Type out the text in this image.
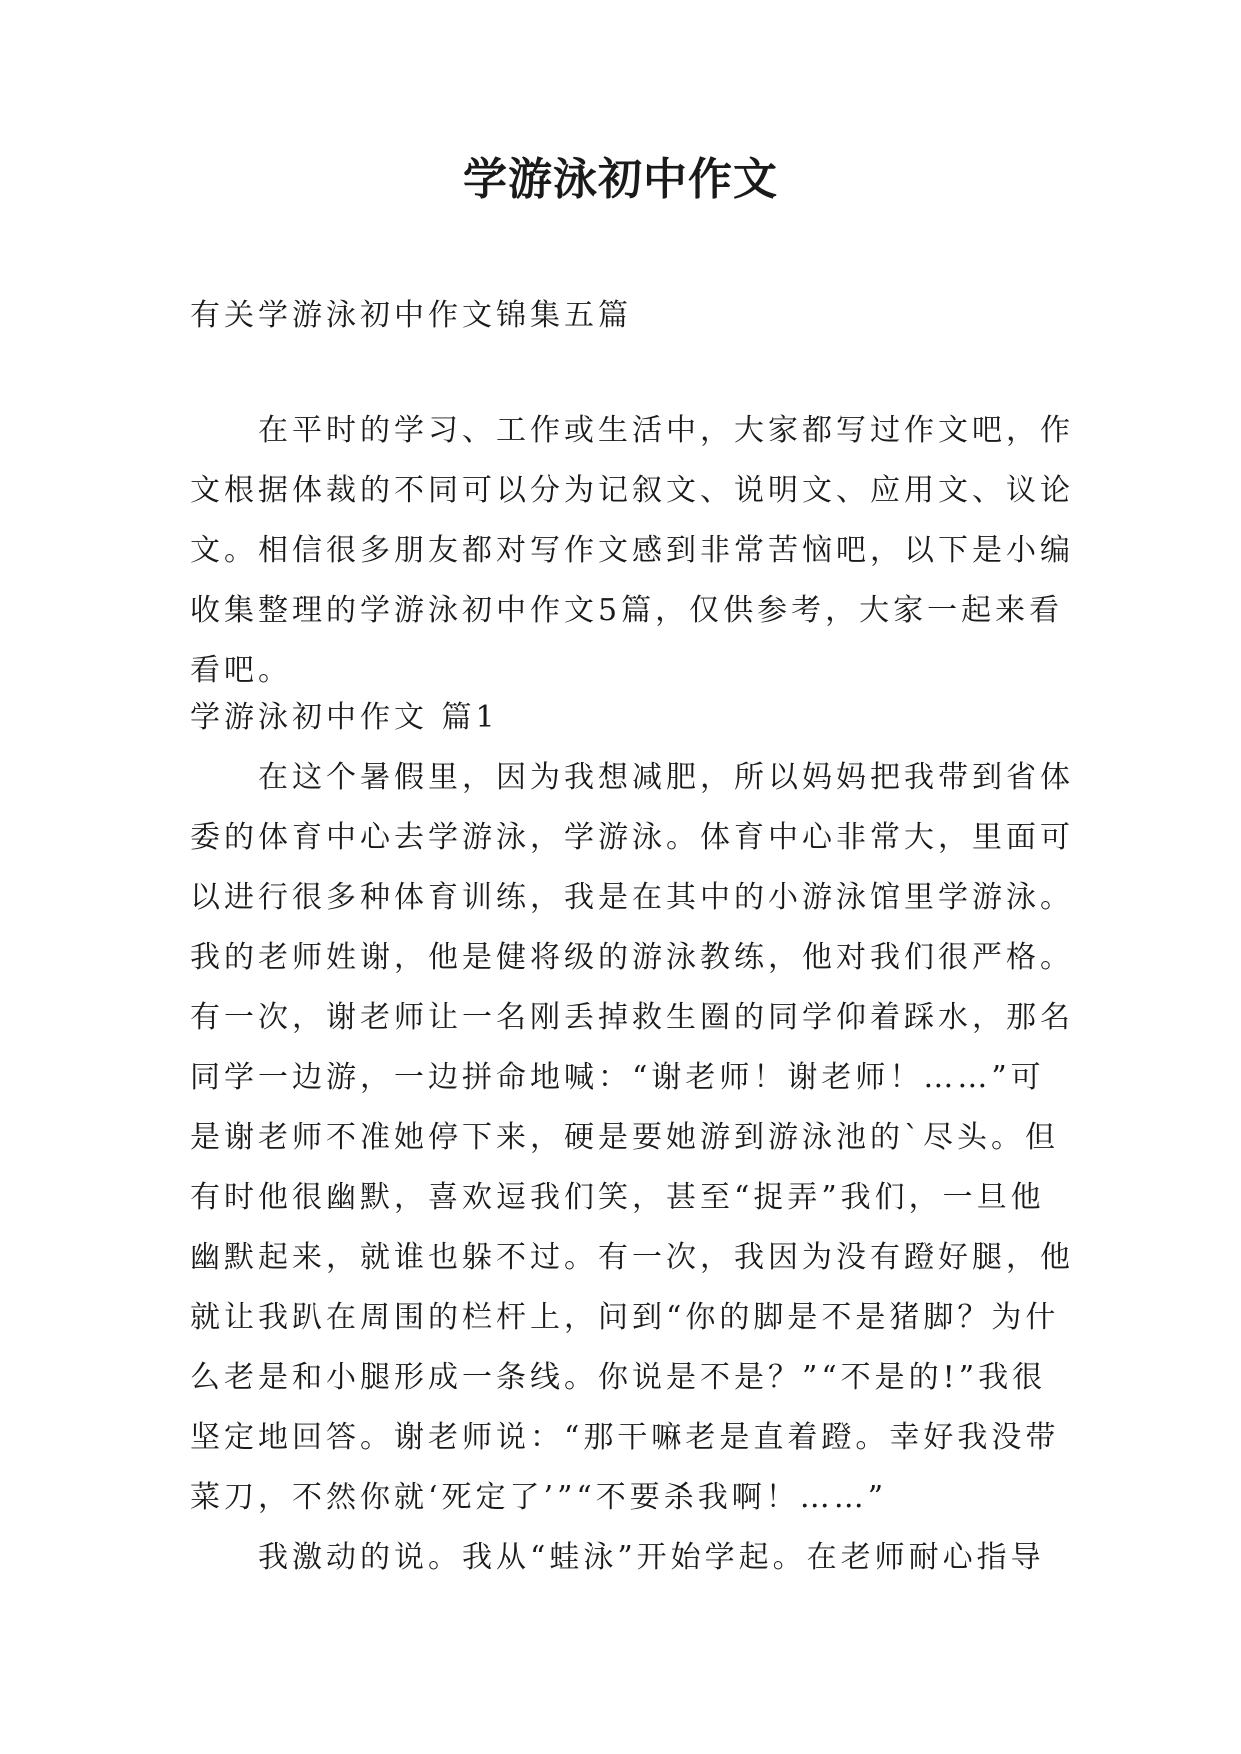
学游泳初中作文
有关学游泳初中作文锦集五篇
在平时的学习、工作或生活中，大家都写过作文吧，作
文根据体裁的不同可以分为记叙文、说明文、应用文、议论
文。相信很多朋友都对写作文感到非常苦恼吧，以下是小编
收集整理的学游泳初中作文5篇，仅供参考，大家一起来看
看吧。
学游泳初中作文 篇1
在这个暑假里，因为我想减肥，所以妈妈把我带到省体
委的体育中心去学游泳，学游泳。体育中心非常大，里面可
以进行很多种体育训练，我是在其中的小游泳馆里学游泳。
我的老师姓谢，他是健将级的游泳教练，他对我们很严格。
有一次，谢老师让一名刚丢掉救生圈的同学仰着踩水，那名
同学一边游，一边拼命地喊：“谢老师！谢老师！……”可
是谢老师不准她停下来，硬是要她游到游泳池的`尽头。但
有时他很幽默，喜欢逗我们笑，甚至“捉弄”我们，一旦他
幽默起来，就谁也躲不过。有一次，我因为没有蹬好腿，他
就让我趴在周围的栏杆上，问到“你的脚是不是猪脚？为什
么老是和小腿形成一条线。你说是不是？”“不是的!”我很
坚定地回答。谢老师说：“那干嘛老是直着蹬。幸好我没带
菜刀，不然你就‘死定了’”“不要杀我啊！……”
我激动的说。我从“蛙泳”开始学起。在老师耐心指导
